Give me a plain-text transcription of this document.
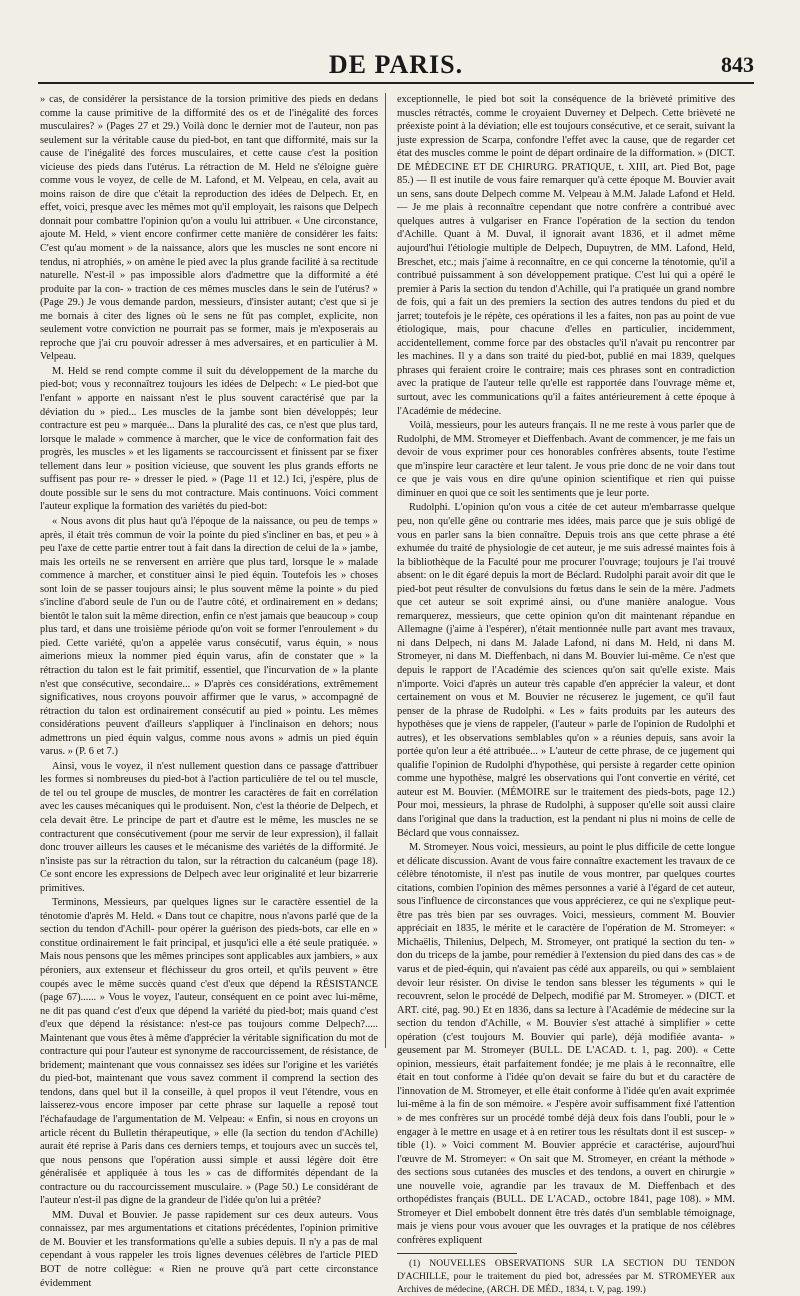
DE PARIS.	843

» cas, de considérer la persistance de la torsion primitive des pieds en dedans comme la cause primitive de la difformité des os et de l'inégalité des forces musculaires? » (Pages 27 et 29.) Voilà donc le dernier mot de l'auteur, non pas seulement sur la véritable cause du pied-bot, en tant que difformité, mais sur la cause de l'inégalité des forces musculaires, et cette cause c'est la position vicieuse des pieds dans l'utérus. La rétraction de M. Held ne s'éloigne guère comme vous le voyez, de celle de M. Lafond, et M. Velpeau, en cela, avait au moins raison de dire que c'était la reproduction des idées de Delpech. Et, en effet, voici, presque avec les mêmes mot qu'il employait, les raisons que Delpech donnait pour combattre l'opinion qu'on a voulu lui attribuer. « Une circonstance, ajoute M. Held, » vient encore confirmer cette manière de considérer les faits: C'est qu'au moment » de la naissance, alors que les muscles ne sont encore ni tendus, ni atrophiés, » on amène le pied avec la plus grande facilité à sa rectitude naturelle. N'est-il » pas impossible alors d'admettre que la difformité a été produite par la con- » traction de ces mêmes muscles dans le sein de l'utérus? » (Page 29.) Je vous demande pardon, messieurs, d'insister autant; c'est que si je me bornais à citer des lignes où le sens ne fût pas complet, explicite, non seulement votre conviction ne pourrait pas se former, mais je m'exposerais au reproche que j'ai cru pouvoir adresser à mes adversaires, et en particulier à M. Velpeau.

M. Held se rend compte comme il suit du développement de la marche du pied-bot; vous y reconnaîtrez toujours les idées de Delpech: « Le pied-bot que l'enfant » apporte en naissant n'est le plus souvent caractérisé que par la déviation du » pied... Les muscles de la jambe sont bien développés; leur contracture est peu » marquée... Dans la pluralité des cas, ce n'est que plus tard, lorsque le malade » commence à marcher, que le vice de conformation fait des progrès, les muscles » et les ligaments se raccourcissent et finissent par se fixer tellement dans leur » position vicieuse, que souvent les plus grands efforts ne suffisent pas pour re- » dresser le pied. » (Page 11 et 12.) Ici, j'espère, plus de doute possible sur le sens du mot contracture. Mais continuons. Voici comment l'auteur explique la formation des variétés du pied-bot:

« Nous avons dit plus haut qu'à l'époque de la naissance, ou peu de temps » après, il était très commun de voir la pointe du pied s'incliner en bas, et peu » à peu l'axe de cette partie entrer tout à fait dans la direction de celui de la » jambe, mais les orteils ne se renversent en arrière que plus tard, lorsque le » malade commence à marcher, et constituer ainsi le pied équin. Toutefois les » choses sont loin de se passer toujours ainsi; le plus souvent même la pointe » du pied s'incline d'abord seule de l'un ou de l'autre côté, et ordinairement en » dedans; bientôt le talon suit la même direction, enfin ce n'est jamais que beaucoup » coup plus tard, et dans une troisième période qu'on voit se former l'enroulement » du pied. Cette variété, qu'on a appelée varus consécutif, varus équin, » nous aimerions mieux la nommer pied équin varus, afin de constater que » la rétraction du talon est le fait primitif, essentiel, que l'incurvation de » la plante n'est que consécutive, secondaire... » D'après ces considérations, extrêmement significatives, nous croyons pouvoir affirmer que le varus, » accompagné de rétraction du talon est ordinairement consécutif au pied » pointu. Les mêmes considérations peuvent d'ailleurs s'appliquer à l'inclinaison en dehors; nous admettrons un pied équin valgus, comme nous avons » admis un pied équin varus. » (P. 6 et 7.)

Ainsi, vous le voyez, il n'est nullement question dans ce passage d'attribuer les formes si nombreuses du pied-bot à l'action particulière de tel ou tel muscle, de tel ou tel groupe de muscles, de montrer les caractères de fait en corrélation avec les causes mécaniques qui le produisent. Non, c'est la théorie de Delpech, et cela devait être. Le principe de part et d'autre est le même, les muscles ne se contracturent que consécutivement (pour me servir de leur expression), il fallait donc trouver ailleurs les causes et le mécanisme des variétés de la difformité. Je n'insiste pas sur la rétraction du talon, sur la rétraction du calcanéum (page 18). Ce sont encore les expressions de Delpech avec leur originalité et leur bizarrerie primitives.

Terminons, Messieurs, par quelques lignes sur le caractère essentiel de la ténotomie d'après M. Held. « Dans tout ce chapitre, nous n'avons parlé que de la section du tendon d'Achill- pour opérer la guérison des pieds-bots, car elle en » constitue ordinairement le fait principal, et jusqu'ici elle a été seule pratiquée. » Mais nous pensons que les mêmes principes sont applicables aux jambiers, » aux péroniers, aux extenseur et fléchisseur du gros orteil, et qu'ils peuvent » être coupés avec le même succès quand c'est d'eux que dépend la RÉSISTANCE (page 67)...... » Vous le voyez, l'auteur, conséquent en ce point avec lui-même, ne dit pas quand c'est d'eux que dépend la variété du pied-bot; mais quand c'est d'eux que dépend la résistance: n'est-ce pas toujours comme Delpech?..... Maintenant que vous êtes à même d'apprécier la véritable signification du mot de contracture qui pour l'auteur est synonyme de raccourcissement, de résistance, de bridement; maintenant que vous connaissez ses idées sur l'origine et les variétés du pied-bot, maintenant que vous savez comment il comprend la section des tendons, dans quel but il la conseille, à quel propos il veut l'étendre, vous en laisserez-vous encore imposer par cette phrase sur laquelle a reposé tout l'échafaudage de l'argumentation de M. Velpeau: « Enfin, si nous en croyons un article récent du Bulletin thérapeutique, » elle (la section du tendon d'Achille) aurait été reprise à Paris dans ces derniers temps, et toujours avec un succès tel, que nous pensons que l'opération aussi simple et aussi légère doit être généralisée et appliquée à tous les » cas de difformités dépendant de la contracture ou du raccourcissement musculaire. » (Page 50.) Le considérant de l'auteur n'est-il pas digne de la grandeur de l'idée qu'on lui a prêtée?

MM. Duval et Bouvier. Je passe rapidement sur ces deux auteurs. Vous connaissez, par mes argumentations et citations précédentes, l'opinion primitive de M. Bouvier et les transformations qu'elle a subies depuis. Il n'y a pas de mal cependant à vous rappeler les trois lignes devenues célèbres de l'article PIED BOT de notre collègue: « Rien ne prouve qu'à part cette circonstance évidemment

exceptionnelle, le pied bot soit la conséquence de la brièveté primitive des muscles rétractés, comme le croyaient Duverney et Delpech. Cette brièveté ne préexiste point à la déviation; elle est toujours consécutive, et ce serait, suivant la juste expression de Scarpa, confondre l'effet avec la cause, que de regarder cet état des muscles comme le point de départ ordinaire de la difformation. » (DICT. DE MÉDECINE ET DE CHIRURG. PRATIQUE, t. XIII, art. Pied Bot, page 85.) — Il est inutile de vous faire remarquer qu'à cette époque M. Bouvier avait un sens, sans doute Delpech comme M. Velpeau à M.M. Jalade Lafond et Held. — Je me plais à reconnaître cependant que notre confrère a contribué avec quelques autres à vulgariser en France l'opération de la section du tendon d'Achille. Quant à M. Duval, il ignorait avant 1836, et il admet même aujourd'hui l'étiologie multiple de Delpech, Dupuytren, de MM. Lafond, Held, Breschet, etc.; mais j'aime à reconnaître, en ce qui concerne la ténotomie, qu'il a contribué puissamment à son développement pratique. C'est lui qui a opéré le premier à Paris la section du tendon d'Achille, qui l'a pratiquée un grand nombre de fois, qui a fait un des premiers la section des autres tendons du pied et du jarret; toutefois je le répète, ces opérations il les a faites, non pas au point de vue étiologique, mais, pour chacune d'elles en particulier, incidemment, accidentellement, comme force par des obstacles qu'il n'avait pu rencontrer par les machines. Il y a dans son traité du pied-bot, publié en mai 1839, quelques phrases qui feraient croire le contraire; mais ces phrases sont en contradiction avec la pratique de l'auteur telle qu'elle est rapportée dans l'ouvrage même et, surtout, avec les communications qu'il a faites antérieurement à cette époque à l'Académie de médecine.

Voilà, messieurs, pour les auteurs français. Il ne me reste à vous parler que de Rudolphi, de MM. Stromeyer et Dieffenbach. Avant de commencer, je me fais un devoir de vous exprimer pour ces honorables confrères absents, toute l'estime que m'inspire leur caractère et leur talent. Je vous prie donc de ne voir dans tout ce que je vais vous en dire qu'une opinion scientifique et rien qui puisse diminuer en quoi que ce soit les sentiments que je leur porte.

Rudolphi. L'opinion qu'on vous a citée de cet auteur m'embarrasse quelque peu, non qu'elle gêne ou contrarie mes idées, mais parce que je suis obligé de vous en parler sans la bien connaître. Depuis trois ans que cette phrase a été exhumée du traité de physiologie de cet auteur, je me suis adressé maintes fois à la bibliothèque de la Faculté pour me procurer l'ouvrage; toujours je l'ai trouvé absent: on le dit égaré depuis la mort de Béclard. Rudolphi parait avoir dit que le pied-bot peut résulter de convulsions du fœtus dans le sein de la mère. J'admets que cet auteur se soit exprimé ainsi, ou d'une manière analogue. Vous remarquerez, messieurs, que cette opinion qu'on dit maintenant répandue en Allemagne (j'aime à l'espérer), n'était mentionnée nulle part avant mes travaux, ni dans Delpech, ni dans M. Jalade Lafond, ni dans M. Held, ni dans M. Stromeyer, ni dans M. Dieffenbach, ni dans M. Bouvier lui-même. Ce n'est que depuis le rapport de l'Académie des sciences qu'on sait qu'elle existe. Mais n'importe. Voici d'après un auteur très capable d'en apprécier la valeur, et dont certainement on vous et M. Bouvier ne récuserez le jugement, ce qu'il faut penser de la phrase de Rudolphi. « Les » faits produits par les auteurs des hypothèses que je viens de rappeler, (l'auteur » parle de l'opinion de Rudolphi et autres), et les observations semblables qu'on » a réunies depuis, sans avoir la portée qu'on leur a été attribuée... » L'auteur de cette phrase, de ce jugement qui qualifie l'opinion de Rudolphi d'hypothèse, qui persiste à regarder cette opinion comme une hypothèse, malgré les observations qui l'ont convertie en vérité, cet auteur est M. Bouvier. (MÉMOIRE sur le traitement des pieds-bots, page 12.) Pour moi, messieurs, la phrase de Rudolphi, à supposer qu'elle soit aussi claire dans l'original que dans la traduction, est la pendant ni plus ni moins de celle de Béclard que vous connaissez.

M. Stromeyer. Nous voici, messieurs, au point le plus difficile de cette longue et délicate discussion. Avant de vous faire connaître exactement les travaux de ce célèbre ténotomiste, il n'est pas inutile de vous montrer, par quelques courtes citations, combien l'opinion des mêmes personnes a varié à l'égard de cet auteur, sous l'influence de circonstances que vous apprécierez, ce qui ne s'explique peut-être pas très bien par ses ouvrages. Voici, messieurs, comment M. Bouvier appréciait en 1835, le mérite et le caractère de l'opération de M. Stromeyer: « Michaëlis, Thilenius, Delpech, M. Stromeyer, ont pratiqué la section du ten- » don du triceps de la jambe, pour remédier à l'extension du pied dans des cas » de varus et de pied-équin, qui n'avaient pas cédé aux appareils, ou qui » semblaient devoir leur résister. On divise le tendon sans blesser les téguments » qui le recouvrent, selon le procédé de Delpech, modifié par M. Stromeyer. » (DICT. et ART. cité, pag. 90.) Et en 1836, dans sa lecture à l'Académie de médecine sur la section du tendon d'Achille, « M. Bouvier s'est attaché à simplifier » cette opération (c'est toujours M. Bouvier qui parle), déjà modifiée avanta- » geusement par M. Stromeyer (BULL. DE L'ACAD. t. 1, pag. 200). « Cette opinion, messieurs, était parfaitement fondée; je me plais à le reconnaître, elle était en tout conforme à l'idée qu'on devait se faire du but et du caractère de l'innovation de M. Stromeyer, et elle était conforme à l'idée qu'en avait exprimée lui-même à la fin de son mémoire. « J'espère avoir suffisamment fixé l'attention » de mes confrères sur un procédé tombé déjà deux fois dans l'oubli, pour le » engager à le mettre en usage et à en retirer tous les résultats dont il est suscep- » tible (1). » Voici comment M. Bouvier apprécie et caractérise, aujourd'hui l'œuvre de M. Stromeyer: « On sait que M. Stromeyer, en créant la méthode » des sections sous cutanées des muscles et des tendons, a ouvert en chirurgie » une nouvelle voie, agrandie par les travaux de M. Dieffenbach et des orthopédistes français (BULL. DE L'ACAD., octobre 1841, page 108). » MM. Stromeyer et Diel embobelt donnent être très datés d'un semblable témoignage, mais je viens pour vous avouer que les ouvrages et la pratique de nos célèbres confrères expliquent

(1) NOUVELLES OBSERVATIONS SUR LA SECTION DU TENDON D'ACHILLE, pour le traitement du pied bot, adressées par M. STROMEYER aux Archives de médecine, (ARCH. DE MÉD., 1834, t. V, pag. 199.)
